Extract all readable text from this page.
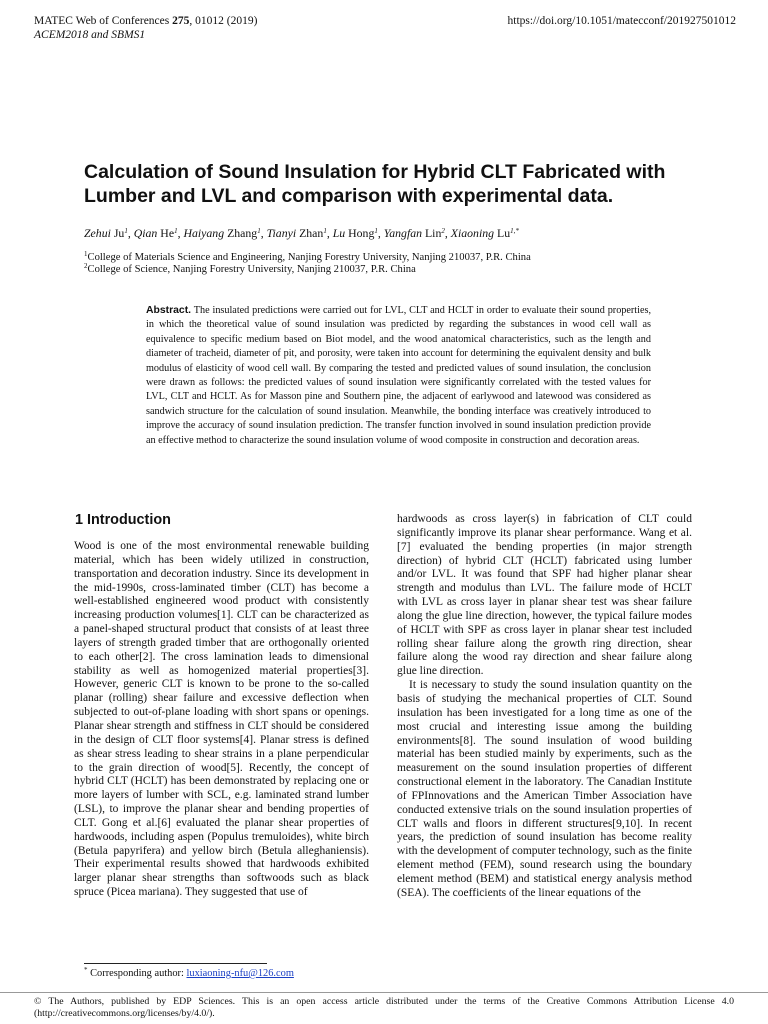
MATEC Web of Conferences 275, 01012 (2019)
ACEM2018 and SBMS1
https://doi.org/10.1051/matecconf/201927501012
Calculation of Sound Insulation for Hybrid CLT Fabricated with
Lumber and LVL and comparison with experimental data.
Zehui Ju$^1$, Qian He$^1$, Haiyang Zhang$^1$, Tianyi Zhan$^1$, Lu Hong$^1$, Yangfan Lin$^2$, Xiaoning $Lu^{1,*}$
$^1$College of Materials Science and Engineering, Nanjing Forestry University, Nanjing 210037, P.R. China
$^2$College of Science, Nanjing Forestry University, Nanjing 210037, P.R. China
Abstract. The insulated predictions were carried out for LVL, CLT and HCLT in order to evaluate their sound properties, in which the theoretical value of sound insulation was predicted by regarding the substances in wood cell wall as equivalence to specific medium based on Biot model, and the wood anatomical characteristics, such as the length and diameter of tracheid, diameter of pit, and porosity, were taken into account for determining the equivalent density and bulk modulus of elasticity of wood cell wall. By comparing the tested and predicted values of sound insulation, the conclusion were drawn as follows: the predicted values of sound insulation were significantly correlated with the tested values for LVL, CLT and HCLT. As for Masson pine and Southern pine, the adjacent of earlywood and latewood was considered as sandwich structure for the calculation of sound insulation. Meanwhile, the bonding interface was creatively introduced to improve the accuracy of sound insulation prediction. The transfer function involved in sound insulation prediction provide an effective method to characterize the sound insulation volume of wood composite in construction and decoration areas.
1 Introduction

Wood is one of the most environmental renewable building material, which has been widely utilized in construction, transportation and decoration industry. Since its development in the mid-1990s, cross-laminated timber (CLT) has become a well-established engineered wood product with consistently increasing production volumes[1]. CLT can be characterized as a panel-shaped structural product that consists of at least three layers of strength graded timber that are orthogonally oriented to each other[2]. The cross lamination leads to dimensional stability as well as homogenized material properties[3]. However, generic CLT is known to be prone to the so-called planar (rolling) shear failure and excessive deflection when subjected to out-of-plane loading with short spans or openings. Planar shear strength and stiffness in CLT should be considered in the design of CLT floor systems[4]. Planar stress is defined as shear stress leading to shear strains in a plane perpendicular to the grain direction of wood[5]. Recently, the concept of hybrid CLT (HCLT) has been demonstrated by replacing one or more layers of lumber with SCL, e.g. laminated strand lumber (LSL), to improve the planar shear and bending properties of CLT. Gong et al.[6] evaluated the planar shear properties of hardwoods, including aspen (Populus tremuloides), white birch (Betula papyrifera) and yellow birch (Betula alleghaniensis). Their experimental results showed that hardwoods exhibited larger planar shear strengths than softwoods such as black spruce (Picea mariana). They suggested that use of

hardwoods as cross layer(s) in fabrication of CLT could significantly improve its planar shear performance. Wang et al.[7] evaluated the bending properties (in major strength direction) of hybrid CLT (HCLT) fabricated using lumber and/or LVL. It was found that SPF had higher planar shear strength and modulus than LVL. The failure mode of HCLT with LVL as cross layer in planar shear test was shear failure along the glue line direction, however, the typical failure modes of HCLT with SPF as cross layer in planar shear test included rolling shear failure along the growth ring direction, shear failure along the wood ray direction and shear failure along glue line direction.

It is necessary to study the sound insulation quantity on the basis of studying the mechanical properties of CLT. Sound insulation has been investigated for a long time as one of the most crucial and interesting issue among the building environments[8]. The sound insulation of wood building material has been studied mainly by experiments, such as the measurement on the sound insulation properties of different constructional element in the laboratory. The Canadian Institute of FPInnovations and the American Timber Association have conducted extensive trials on the sound insulation properties of CLT walls and floors in different structures[9,10]. In recent years, the prediction of sound insulation has become reality with the development of computer technology, such as the finite element method (FEM), sound research using the boundary element method (BEM) and statistical energy analysis method (SEA). The coefficients of the linear equations of the

* Corresponding author: luxiaoning-nfu@126.com
© The Authors, published by EDP Sciences. This is an open access article distributed under the terms of the Creative Commons Attribution License 4.0 (http://creativecommons.org/licenses/by/4.0/).
